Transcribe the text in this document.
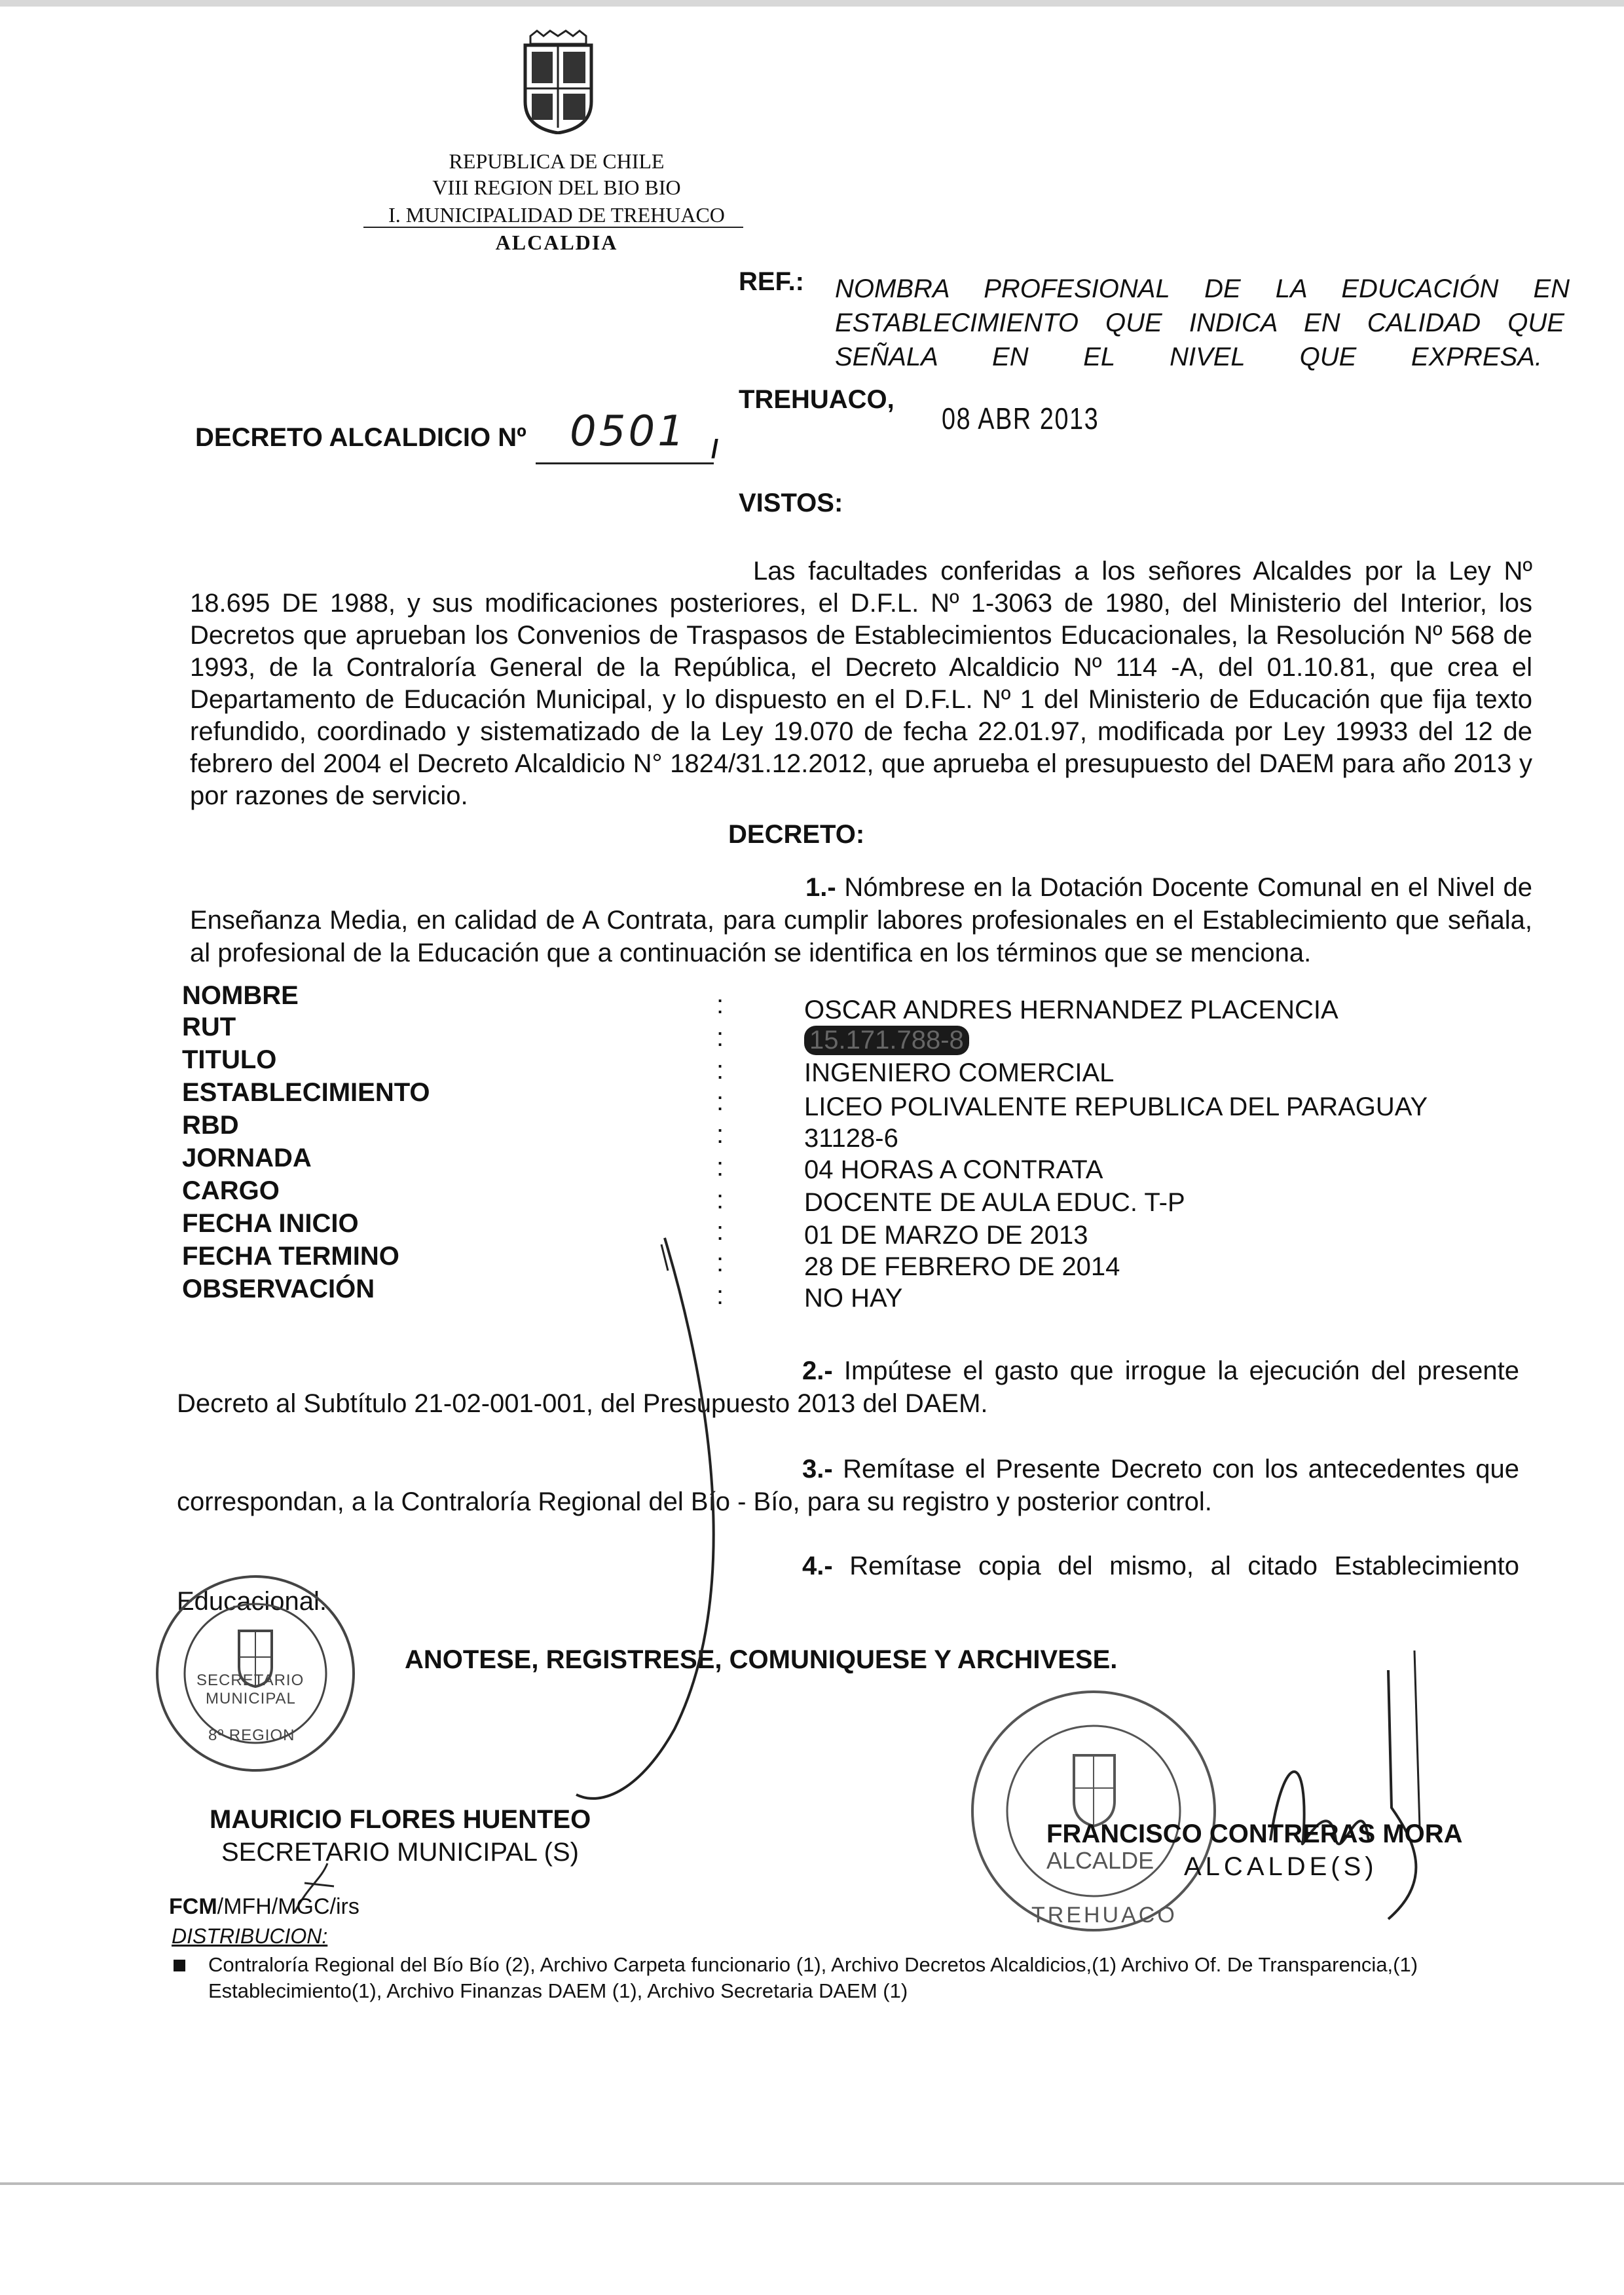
REPUBLICA DE CHILE
VIII REGION DEL BIO BIO
I. MUNICIPALIDAD DE TREHUACO
ALCALDIA
REF.: NOMBRA PROFESIONAL DE LA EDUCACIÓN EN
ESTABLECIMIENTO QUE INDICA EN CALIDAD QUE
SEÑALA EN EL NIVEL QUE EXPRESA.
TREHUACO,
08 ABR 2013
DECRETO ALCALDICIO Nº 0501 /
VISTOS:
Las facultades conferidas a los señores Alcaldes por la Ley Nº 18.695 DE 1988, y sus modificaciones posteriores, el D.F.L. Nº 1-3063 de 1980, del Ministerio del Interior, los Decretos que aprueban los Convenios de Traspasos de Establecimientos Educacionales, la Resolución Nº 568 de 1993, de la Contraloría General de la República, el Decreto Alcaldicio Nº 114 -A, del 01.10.81, que crea el Departamento de Educación Municipal, y lo dispuesto en el D.F.L. Nº 1 del Ministerio de Educación que fija texto refundido, coordinado y sistematizado de la Ley 19.070 de fecha 22.01.97, modificada por Ley 19933 del 12 de febrero del 2004 el Decreto Alcaldicio N° 1824/31.12.2012, que aprueba el presupuesto del DAEM para año 2013 y por razones de servicio.
DECRETO:
1.- Nómbrese en la Dotación Docente Comunal en el Nivel de Enseñanza Media, en calidad de A Contrata, para cumplir labores profesionales en el Establecimiento que señala, al profesional de la Educación que a continuación se identifica en los términos que se menciona.
NOMBRE	:	OSCAR ANDRES HERNANDEZ PLACENCIA
RUT	:	15.171.788-8
TITULO	:	INGENIERO COMERCIAL
ESTABLECIMIENTO	:	LICEO POLIVALENTE REPUBLICA DEL PARAGUAY
RBD	:	31128-6
JORNADA	:	04 HORAS A CONTRATA
CARGO	:	DOCENTE DE AULA EDUC. T-P
FECHA INICIO	:	01 DE MARZO DE 2013
FECHA TERMINO	:	28 DE FEBRERO DE 2014
OBSERVACIÓN	:	NO HAY
2.- Impútese el gasto que irrogue la ejecución del presente Decreto al Subtítulo 21-02-001-001, del Presupuesto 2013 del DAEM.
3.- Remítase el Presente Decreto con los antecedentes que correspondan, a la Contraloría Regional del Bío - Bío, para su registro y posterior control.
4.- Remítase copia del mismo, al citado Establecimiento Educacional.
ANOTESE, REGISTRESE, COMUNIQUESE Y ARCHIVESE.
SECRETARIO
MUNICIPAL
8º REGION
ALCALDE
TREHUACO
MAURICIO FLORES HUENTEO
SECRETARIO MUNICIPAL (S)
FRANCISCO CONTRERAS MORA
ALCALDE(S)
FCM/MFH/MGC/irs
DISTRIBUCION:
Contraloría Regional del Bío Bío (2), Archivo Carpeta funcionario (1), Archivo Decretos Alcaldicios,(1) Archivo Of. De Transparencia,(1)
Establecimiento(1), Archivo Finanzas DAEM (1), Archivo Secretaria DAEM (1)
